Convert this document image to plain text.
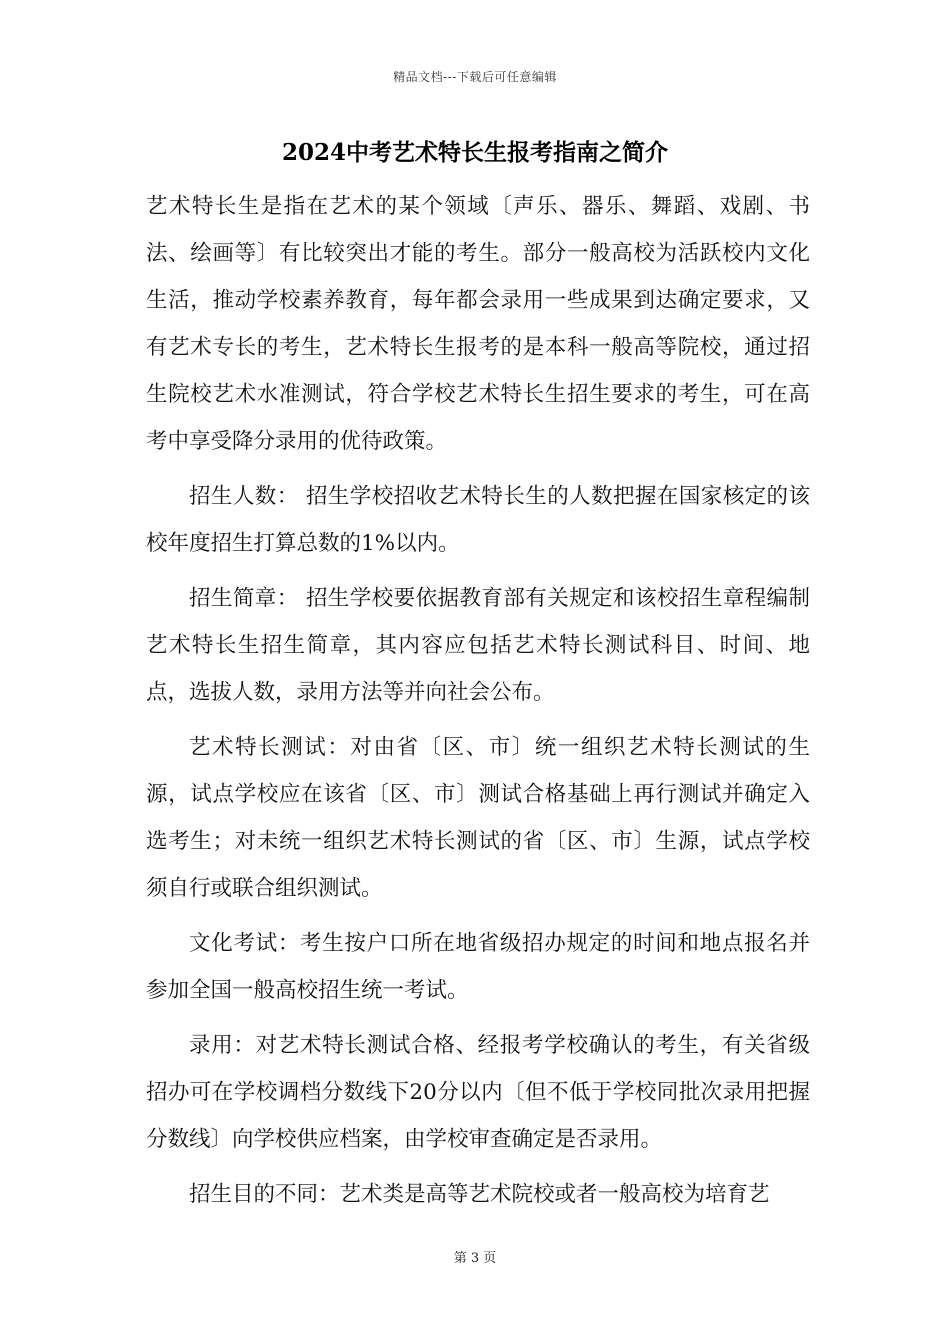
精品文档---下载后可任意编辑
2024中考艺术特长生报考指南之简介

艺术特长生是指在艺术的某个领域〔声乐、器乐、舞蹈、戏剧、书法、绘画等〕有比较突出才能的考生。部分一般高校为活跃校内文化生活，推动学校素养教育，每年都会录用一些成果到达确定要求，又有艺术专长的考生，艺术特长生报考的是本科一般高等院校，通过招生院校艺术水准测试，符合学校艺术特长生招生要求的考生，可在高考中享受降分录用的优待政策。

招生人数： 招生学校招收艺术特长生的人数把握在国家核定的该校年度招生打算总数的1%以内。

招生简章： 招生学校要依据教育部有关规定和该校招生章程编制艺术特长生招生简章，其内容应包括艺术特长测试科目、时间、地点，选拔人数，录用方法等并向社会公布。

艺术特长测试：对由省〔区、市〕统一组织艺术特长测试的生源，试点学校应在该省〔区、市〕测试合格基础上再行测试并确定入选考生；对未统一组织艺术特长测试的省〔区、市〕生源，试点学校须自行或联合组织测试。

文化考试：考生按户口所在地省级招办规定的时间和地点报名并参加全国一般高校招生统一考试。

录用：对艺术特长测试合格、经报考学校确认的考生，有关省级招办可在学校调档分数线下20分以内〔但不低于学校同批次录用把握分数线〕向学校供应档案，由学校审查确定是否录用。

招生目的不同：艺术类是高等艺术院校或者一般高校为培育艺

第 3 页
